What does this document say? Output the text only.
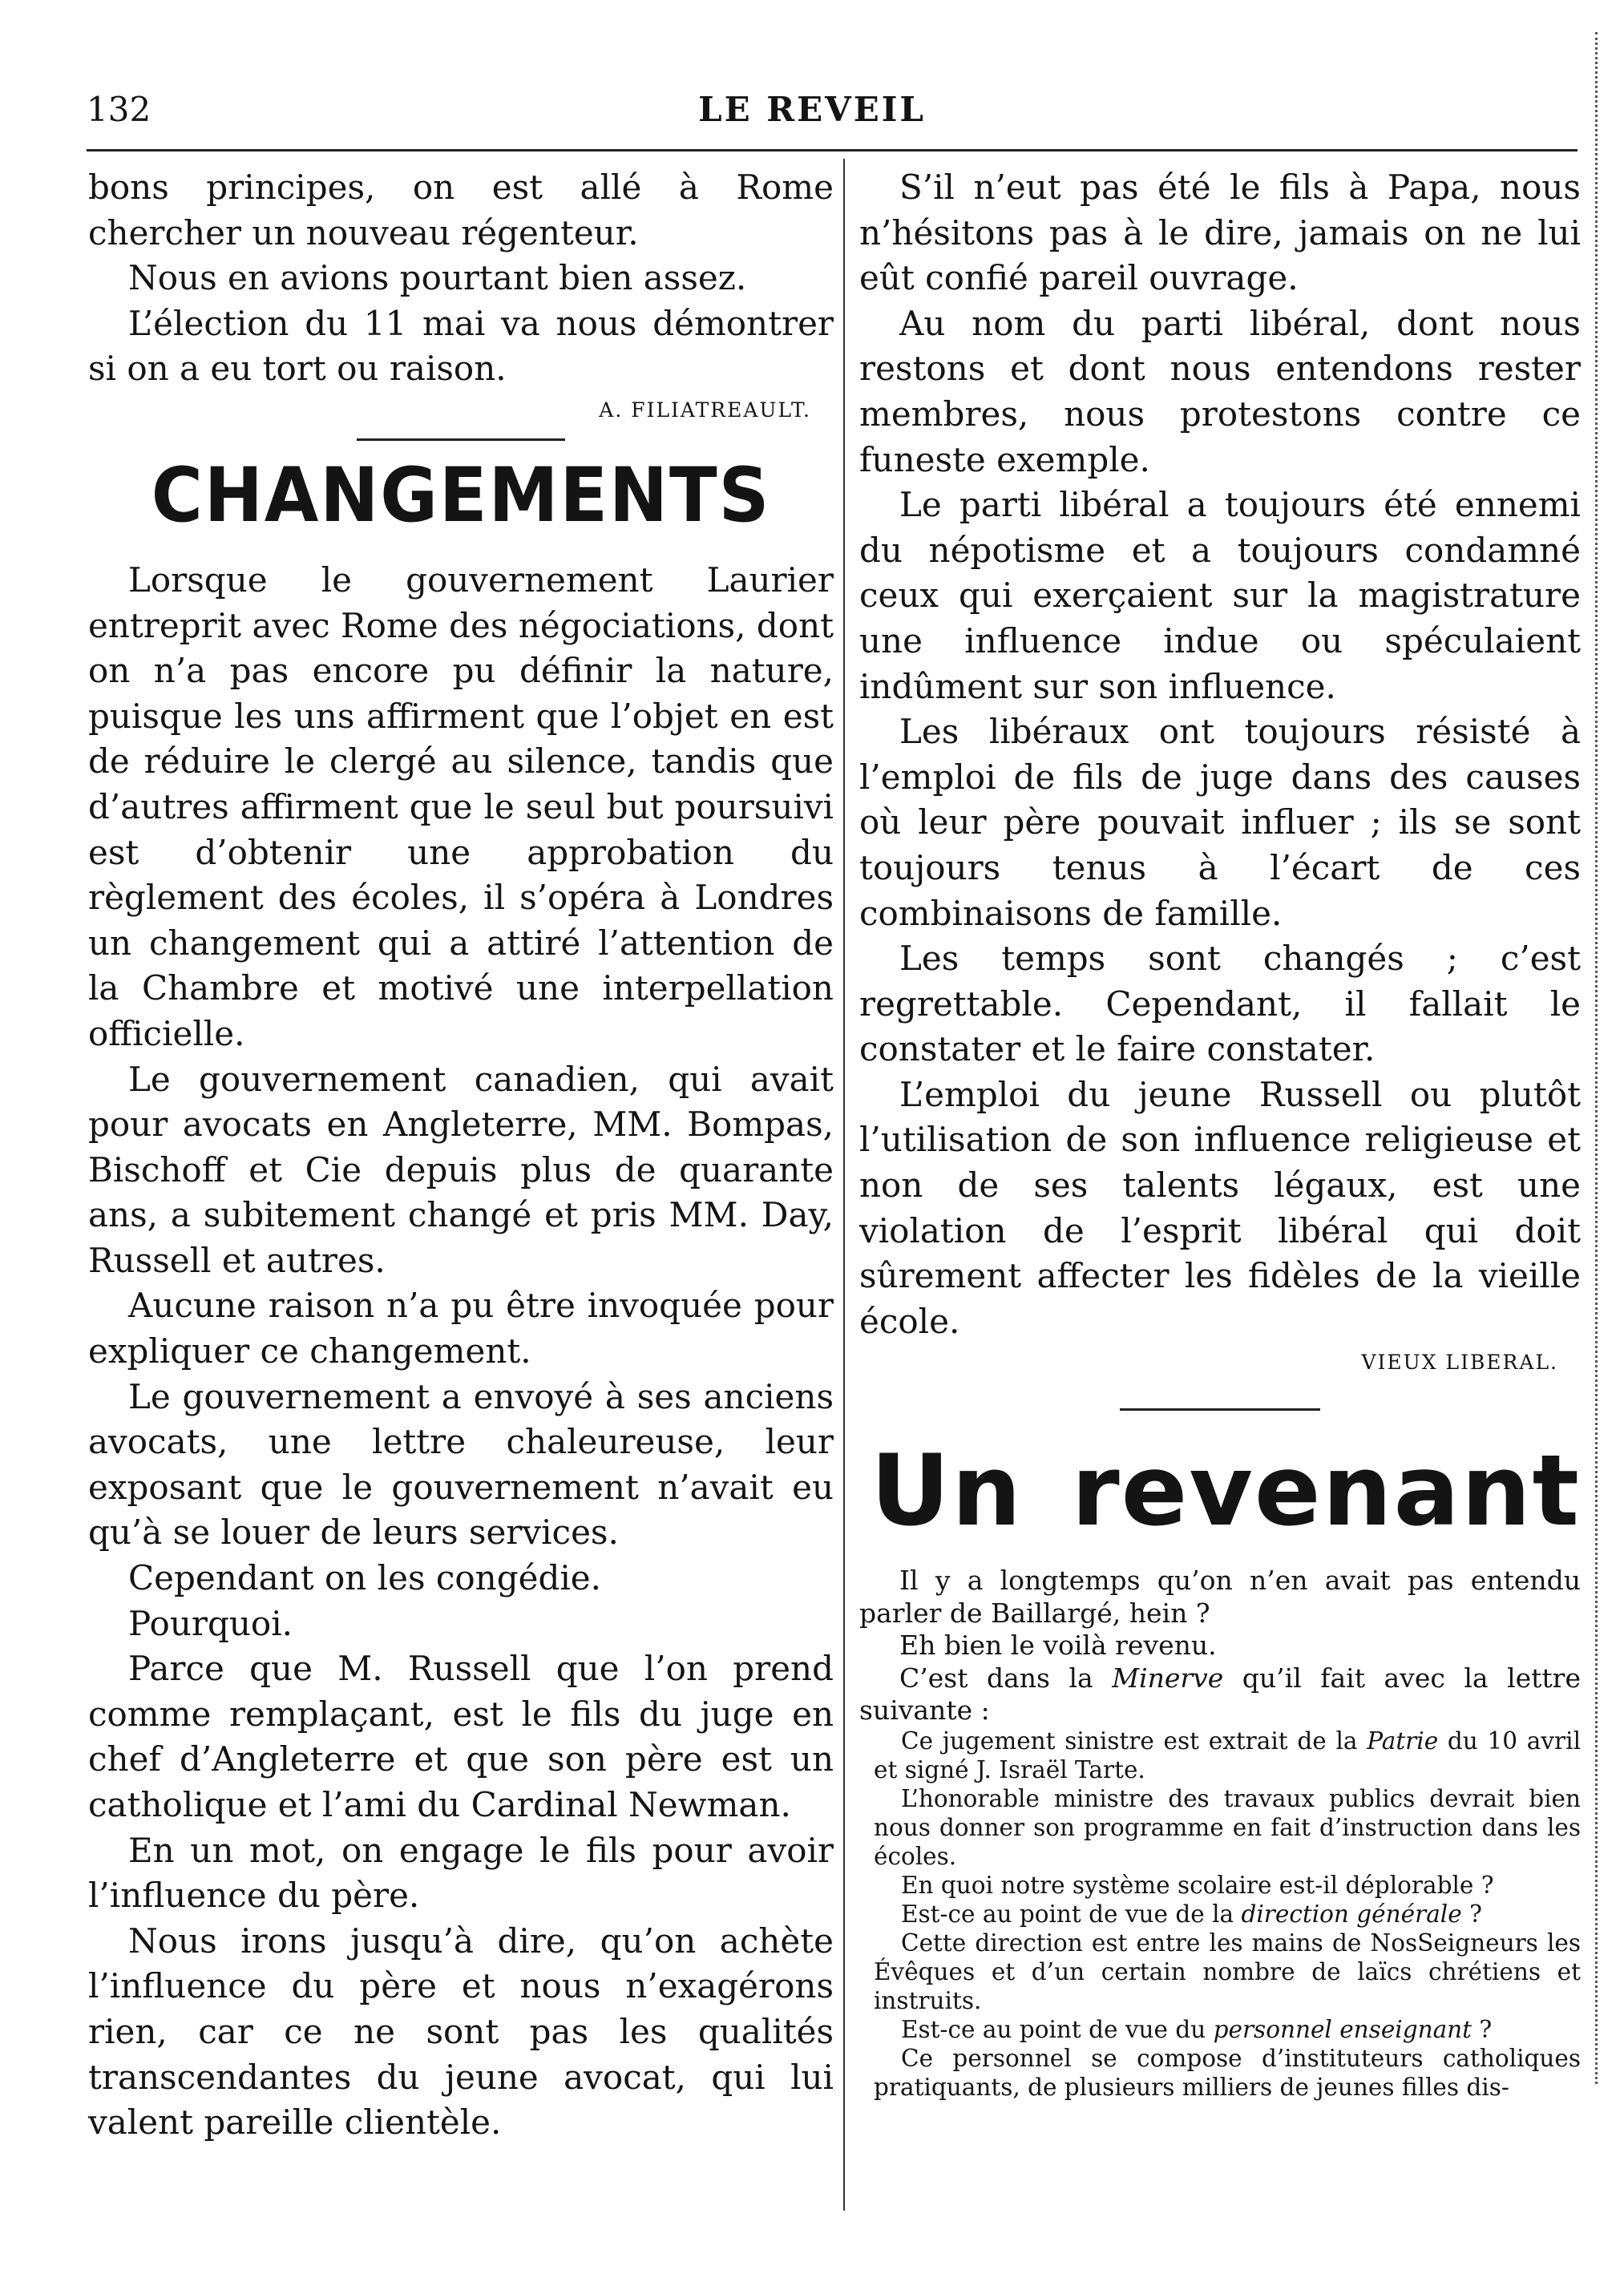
132	LE REVEIL

bons principes, on est allé à Rome chercher un nouveau régenteur.

Nous en avions pourtant bien assez.

L’élection du 11 mai va nous démontrer si on a eu tort ou raison.

A. FILIATREAULT.

CHANGEMENTS

Lorsque le gouvernement Laurier entreprit avec Rome des négociations, dont on n’a pas encore pu définir la nature, puisque les uns affirment que l’objet en est de réduire le clergé au silence, tandis que d’autres affirment que le seul but poursuivi est d’obtenir une approbation du règlement des écoles, il s’opéra à Londres un changement qui a attiré l’attention de la Chambre et motivé une interpellation officielle.

Le gouvernement canadien, qui avait pour avocats en Angleterre, MM. Bompas, Bischoff et Cie depuis plus de quarante ans, a subitement changé et pris MM. Day, Russell et autres.

Aucune raison n’a pu être invoquée pour expliquer ce changement.

Le gouvernement a envoyé à ses anciens avocats, une lettre chaleureuse, leur exposant que le gouvernement n’avait eu qu’à se louer de leurs services.

Cependant on les congédie.

Pourquoi.

Parce que M. Russell que l’on prend comme remplaçant, est le fils du juge en chef d’Angleterre et que son père est un catholique et l’ami du Cardinal Newman.

En un mot, on engage le fils pour avoir l’influence du père.

Nous irons jusqu’à dire, qu’on achète l’influence du père et nous n’exagérons rien, car ce ne sont pas les qualités transcendantes du jeune avocat, qui lui valent pareille clientèle.

S’il n’eut pas été le fils à Papa, nous n’hésitons pas à le dire, jamais on ne lui eût confié pareil ouvrage.

Au nom du parti libéral, dont nous restons et dont nous entendons rester membres, nous protestons contre ce funeste exemple.

Le parti libéral a toujours été ennemi du népotisme et a toujours condamné ceux qui exerçaient sur la magistrature une influence indue ou spéculaient indûment sur son influence.

Les libéraux ont toujours résisté à l’emploi de fils de juge dans des causes où leur père pouvait influer ; ils se sont toujours tenus à l’écart de ces combinaisons de famille.

Les temps sont changés ; c’est regrettable. Cependant, il fallait le constater et le faire constater.

L’emploi du jeune Russell ou plutôt l’utilisation de son influence religieuse et non de ses talents légaux, est une violation de l’esprit libéral qui doit sûrement affecter les fidèles de la vieille école.

VIEUX LIBERAL.

Un revenant

Il y a longtemps qu’on n’en avait pas entendu parler de Baillargé, hein ?

Eh bien le voilà revenu.

C’est dans la Minerve qu’il fait avec la lettre suivante :

Ce jugement sinistre est extrait de la Patrie du 10 avril et signé J. Israël Tarte.

L’honorable ministre des travaux publics devrait bien nous donner son programme en fait d’instruction dans les écoles.

En quoi notre système scolaire est-il déplorable ?

Est-ce au point de vue de la direction générale ?

Cette direction est entre les mains de NosSeigneurs les Évêques et d’un certain nombre de laïcs chrétiens et instruits.

Est-ce au point de vue du personnel enseignant ?

Ce personnel se compose d’instituteurs catholiques pratiquants, de plusieurs milliers de jeunes filles dis-
